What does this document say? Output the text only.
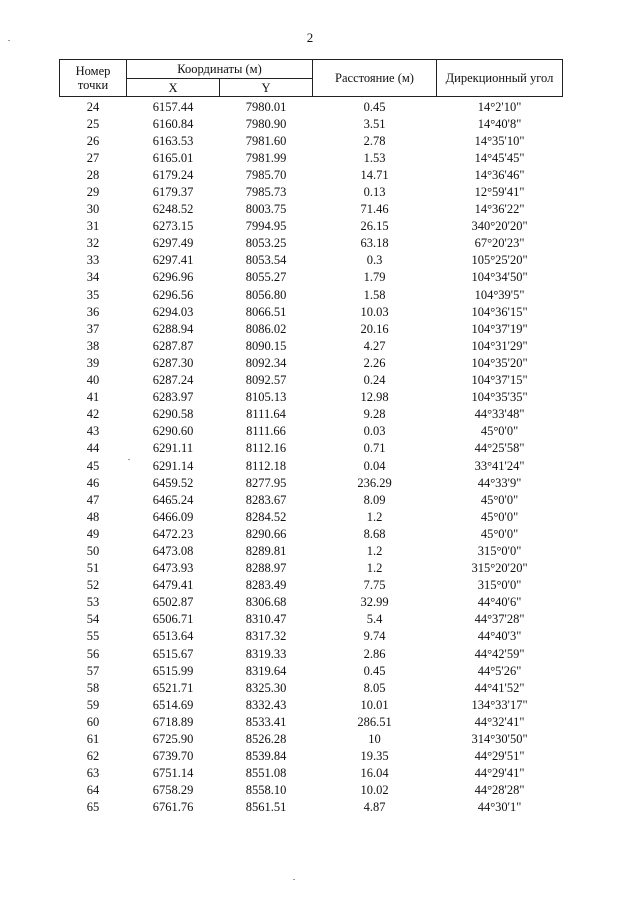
2
Номер точки	Координаты (м)		Расстояние (м)	Дирекционный угол
	X	Y		
24	6157.44	7980.01	0.45	14°2'10"
25	6160.84	7980.90	3.51	14°40'8"
26	6163.53	7981.60	2.78	14°35'10"
27	6165.01	7981.99	1.53	14°45'45"
28	6179.24	7985.70	14.71	14°36'46"
29	6179.37	7985.73	0.13	12°59'41"
30	6248.52	8003.75	71.46	14°36'22"
31	6273.15	7994.95	26.15	340°20'20"
32	6297.49	8053.25	63.18	67°20'23"
33	6297.41	8053.54	0.3	105°25'20"
34	6296.96	8055.27	1.79	104°34'50"
35	6296.56	8056.80	1.58	104°39'5"
36	6294.03	8066.51	10.03	104°36'15"
37	6288.94	8086.02	20.16	104°37'19"
38	6287.87	8090.15	4.27	104°31'29"
39	6287.30	8092.34	2.26	104°35'20"
40	6287.24	8092.57	0.24	104°37'15"
41	6283.97	8105.13	12.98	104°35'35"
42	6290.58	8111.64	9.28	44°33'48"
43	6290.60	8111.66	0.03	45°0'0"
44	6291.11	8112.16	0.71	44°25'58"
45	6291.14	8112.18	0.04	33°41'24"
46	6459.52	8277.95	236.29	44°33'9"
47	6465.24	8283.67	8.09	45°0'0"
48	6466.09	8284.52	1.2	45°0'0"
49	6472.23	8290.66	8.68	45°0'0"
50	6473.08	8289.81	1.2	315°0'0"
51	6473.93	8288.97	1.2	315°20'20"
52	6479.41	8283.49	7.75	315°0'0"
53	6502.87	8306.68	32.99	44°40'6"
54	6506.71	8310.47	5.4	44°37'28"
55	6513.64	8317.32	9.74	44°40'3"
56	6515.67	8319.33	2.86	44°42'59"
57	6515.99	8319.64	0.45	44°5'26"
58	6521.71	8325.30	8.05	44°41'52"
59	6514.69	8332.43	10.01	134°33'17"
60	6718.89	8533.41	286.51	44°32'41"
61	6725.90	8526.28	10	314°30'50"
62	6739.70	8539.84	19.35	44°29'51"
63	6751.14	8551.08	16.04	44°29'41"
64	6758.29	8558.10	10.02	44°28'28"
65	6761.76	8561.51	4.87	44°30'1"
